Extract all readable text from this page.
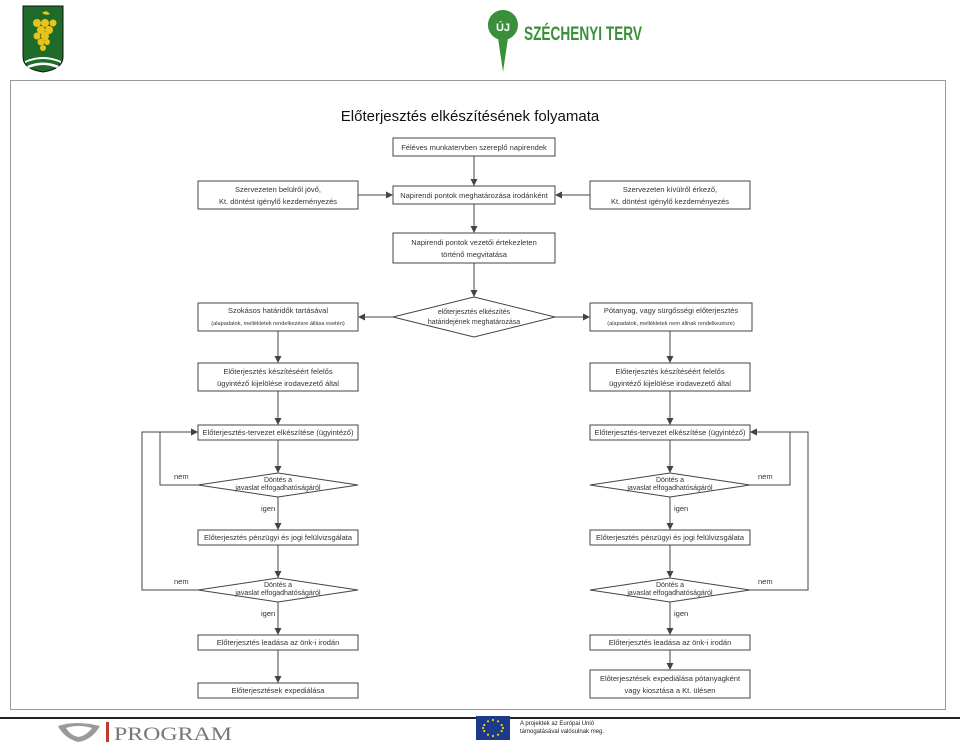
ÚJ SZÉCHENYI TERV
Előterjesztés elkészítésének folyamata
Féléves munkatervben szereplő napirendek
Szervezeten belülről jövő,
Kt. döntést igénylő kezdeményezés
Napirendi pontok meghatározása irodánként
Szervezeten kívülről érkező,
Kt. döntést igénylő kezdeményezés
Napirendi pontok vezetői értekezleten
történő megvitatása
Szokásos határidők tartásával
(alapadatok, mellékletek rendelkezésre állása esetén)
előterjesztés elkészítés
határidejének meghatározása
Pótanyag, vagy sürgősségi előterjesztés
(alapadatok, mellékletek nem állnak rendelkezésre)
Előterjesztés készítéséért felelős
ügyintéző kijelölése irodavezető által
Előterjesztés készítéséért felelős
ügyintéző kijelölése irodavezető által
Előterjesztés-tervezet elkészítése (ügyintéző)	Előterjesztés-tervezet elkészítése (ügyintéző)
Döntés a
javaslat elfogadhatóságáról
Döntés a
javaslat elfogadhatóságáról
Előterjesztés pénzügyi és jogi felülvizsgálata	Előterjesztés pénzügyi és jogi felülvizsgálata
Döntés a
javaslat elfogadhatóságáról
Döntés a
javaslat elfogadhatóságáról
Előterjesztés leadása az önk-i irodán	Előterjesztés leadása az önk-i irodán
Előterjesztések expediálása
Előterjesztések expediálása pótanyagként
vagy kiosztása a Kt. ülésen
nem
nem
nem
nem
igen
igen
igen
igen
PROGRAM	A projektek az Európai Unió
támogatásával valósulnak meg.
